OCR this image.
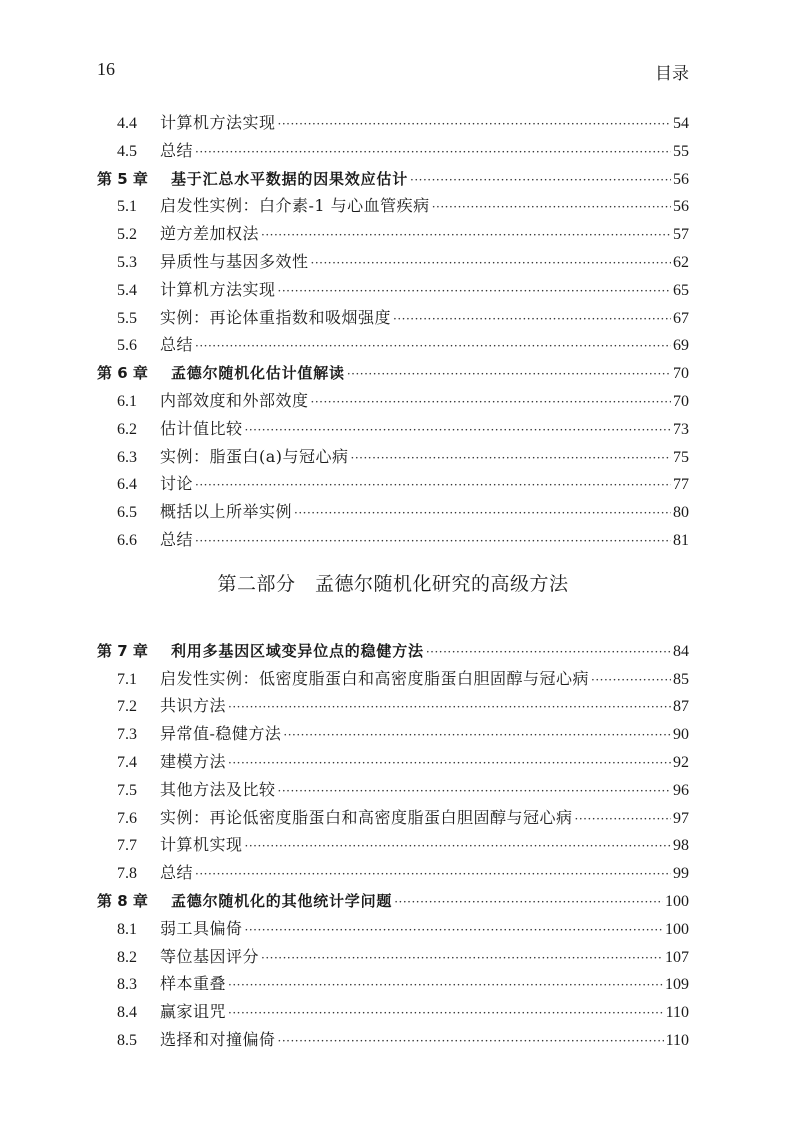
16	目录
4.4	计算机方法实现 ·····	54
4.5	总结 ·····	55
第 5 章	基于汇总水平数据的因果效应估计 ·····	56
5.1	启发性实例：白介素-1 与心血管疾病 ·····	56
5.2	逆方差加权法 ·····	57
5.3	异质性与基因多效性 ·····	62
5.4	计算机方法实现 ·····	65
5.5	实例：再论体重指数和吸烟强度 ·····	67
5.6	总结 ·····	69
第 6 章	孟德尔随机化估计值解读 ·····	70
6.1	内部效度和外部效度 ·····	70
6.2	估计值比较 ·····	73
6.3	实例：脂蛋白(a)与冠心病 ·····	75
6.4	讨论 ·····	77
6.5	概括以上所举实例 ·····	80
6.6	总结 ·····	81
第二部分　孟德尔随机化研究的高级方法
第 7 章	利用多基因区域变异位点的稳健方法 ·····	84
7.1	启发性实例：低密度脂蛋白和高密度脂蛋白胆固醇与冠心病 ·····	85
7.2	共识方法 ·····	87
7.3	异常值-稳健方法 ·····	90
7.4	建模方法 ·····	92
7.5	其他方法及比较 ·····	96
7.6	实例：再论低密度脂蛋白和高密度脂蛋白胆固醇与冠心病 ·····	97
7.7	计算机实现 ·····	98
7.8	总结 ·····	99
第 8 章	孟德尔随机化的其他统计学问题 ·····	100
8.1	弱工具偏倚 ·····	100
8.2	等位基因评分 ·····	107
8.3	样本重叠 ·····	109
8.4	赢家诅咒 ·····	110
8.5	选择和对撞偏倚 ·····	110
